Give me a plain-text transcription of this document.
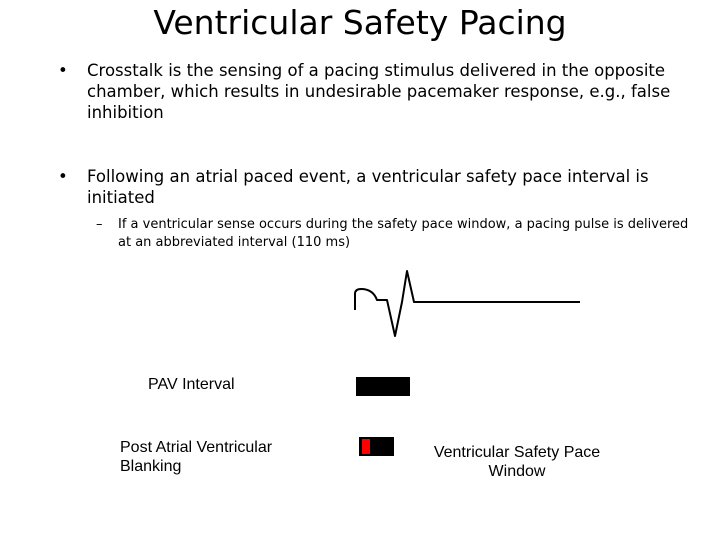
Ventricular Safety Pacing
• Crosstalk is the sensing of a pacing stimulus delivered in the opposite chamber, which results in undesirable pacemaker response, e.g., false inhibition
• Following an atrial paced event, a ventricular safety pace interval is initiated
– If a ventricular sense occurs during the safety pace window, a pacing pulse is delivered at an abbreviated interval (110 ms)
PAV Interval
Post Atrial Ventricular Blanking
Ventricular Safety Pace Window
